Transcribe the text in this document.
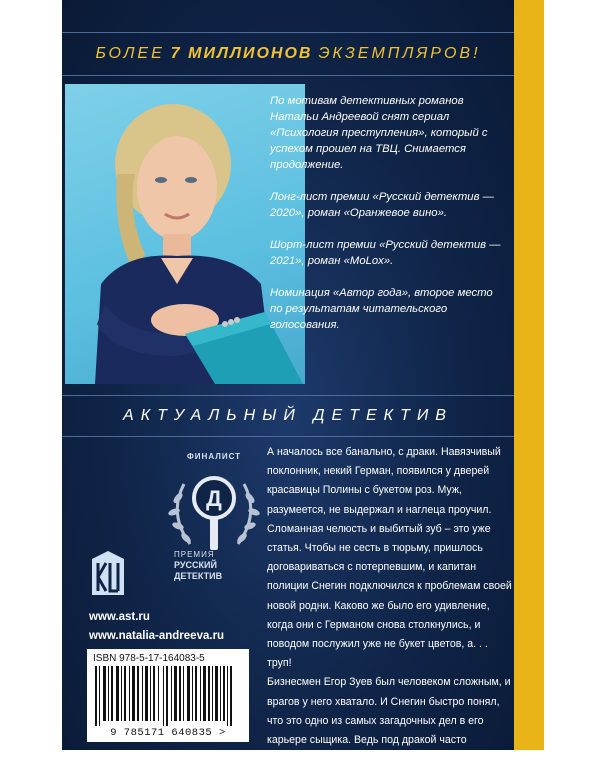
БОЛЕЕ 7 МИЛЛИОНОВ ЭКЗЕМПЛЯРОВ!

По мотивам детективных романов Натальи Андреевой снят сериал «Психология преступления», который с успехом прошел на ТВЦ. Снимается продолжение.

Лонг-лист премии «Русский детектив — 2020», роман «Оранжевое вино».

Шорт-лист премии «Русский детектив — 2021», роман «MoLox».

Номинация «Автор года», второе место по результатам читательского голосования.

АКТУАЛЬНЫЙ ДЕТЕКТИВ
ФИНАЛИСТ
Д
ПРЕМИЯ
РУССКИЙ
ДЕТЕКТИВ
www.ast.ru
www.natalia-andreeva.ru
ISBN 978-5-17-164083-5
9 785171 640835 >

А началось все банально, с драки. Навязчивый поклонник, некий Герман, появился у дверей красавицы Полины с букетом роз. Муж, разумеется, не выдержал и наглеца проучил. Сломанная челюсть и выбитый зуб – это уже статья. Чтобы не сесть в тюрьму, пришлось договариваться с потерпевшим, и капитан полиции Снегин подключился к проблемам своей новой родни. Каково же было его удивление, когда они с Германом снова столкнулись, и поводом послужил уже не букет цветов, а. . . труп!

Бизнесмен Егор Зуев был человеком сложным, и врагов у него хватало. И Снегин быстро понял, что это одно из самых загадочных дел в его карьере сыщика. Ведь под дракой часто маскируется заказное убийство. . .
